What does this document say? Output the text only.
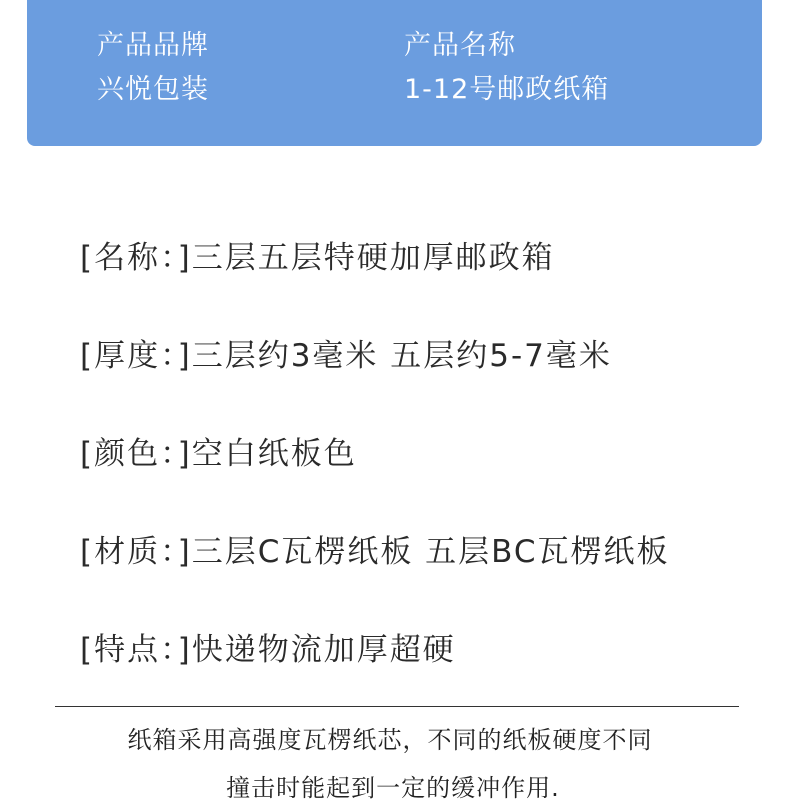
产品品牌
兴悦包装
产品名称
1-12号邮政纸箱
[名称：]三层五层特硬加厚邮政箱
[厚度：]三层约3毫米 五层约5-7毫米
[颜色：]空白纸板色
[材质：]三层C瓦楞纸板 五层BC瓦楞纸板
[特点：]快递物流加厚超硬
纸箱采用高强度瓦楞纸芯，不同的纸板硬度不同
撞击时能起到一定的缓冲作用.
